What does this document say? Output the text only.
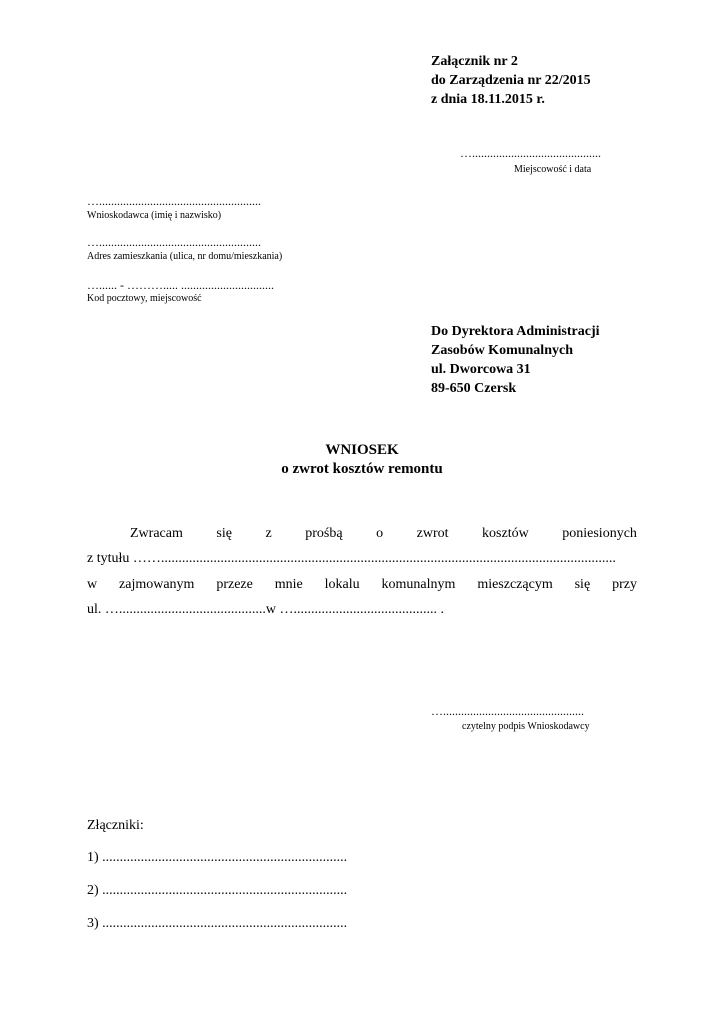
Załącznik nr 2
do Zarządzenia nr 22/2015
z dnia 18.11.2015 r.
…...........................................
Miejscowość i data
…......................................................
Wnioskodawca (imię i nazwisko)
…......................................................
Adres zamieszkania (ulica, nr domu/mieszkania)
…...... - ………..... ...............................
Kod pocztowy, miejscowość
Do Dyrektora Administracji
Zasobów Komunalnych
ul. Dworcowa 31
89-650 Czersk
WNIOSEK
o zwrot kosztów remontu
Zwracam się z prośbą o zwrot kosztów poniesionych
z tytułu ……..................................................................................................................................
w zajmowanym przeze mnie lokalu komunalnym mieszczącym się przy
ul. …..........................................w …......................................... .
…...............................................
czytelny podpis Wnioskodawcy
Złączniki:
1) ......................................................................
2) ......................................................................
3) ......................................................................
